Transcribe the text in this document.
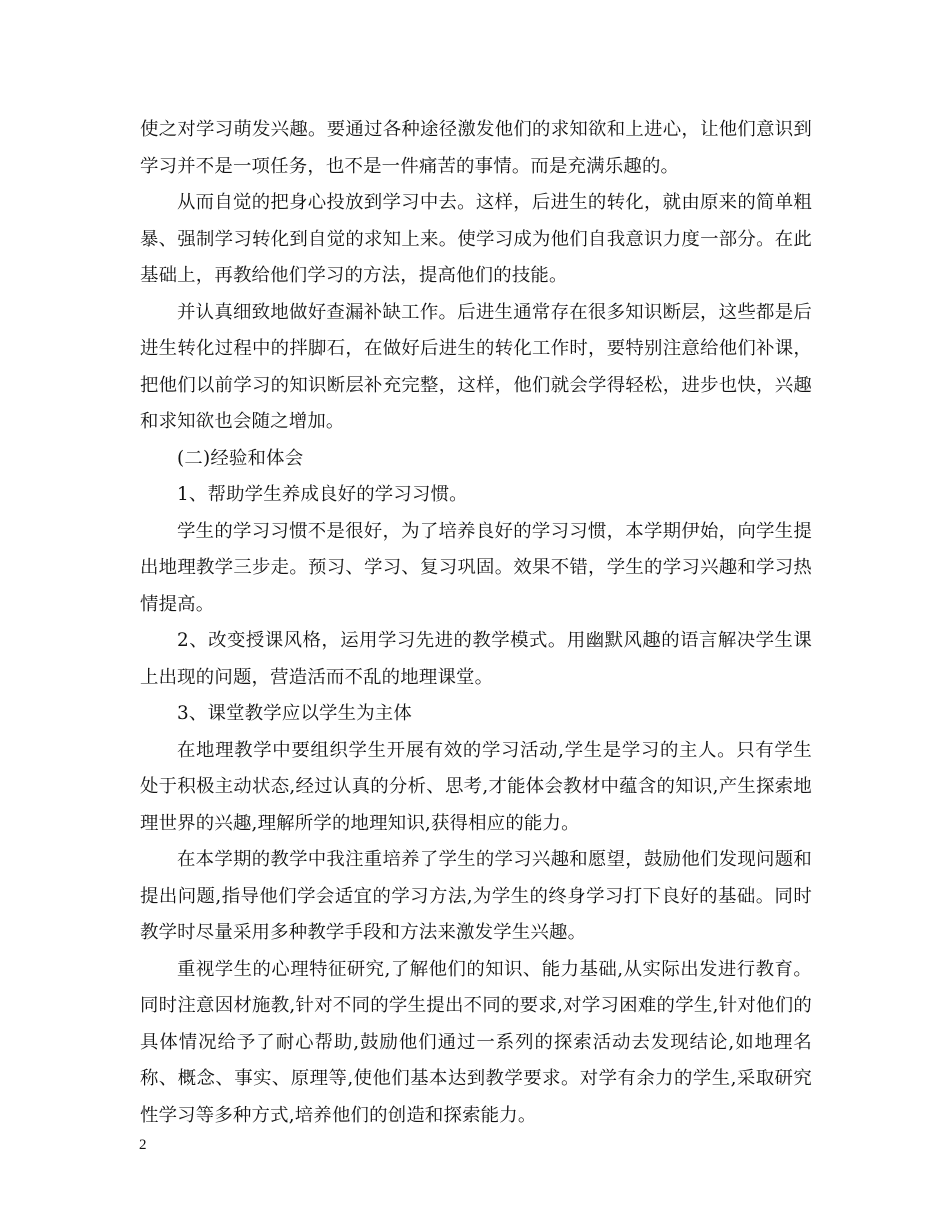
使之对学习萌发兴趣。要通过各种途径激发他们的求知欲和上进心，让他们意识到学习并不是一项任务，也不是一件痛苦的事情。而是充满乐趣的。

从而自觉的把身心投放到学习中去。这样，后进生的转化，就由原来的简单粗暴、强制学习转化到自觉的求知上来。使学习成为他们自我意识力度一部分。在此基础上，再教给他们学习的方法，提高他们的技能。

并认真细致地做好查漏补缺工作。后进生通常存在很多知识断层，这些都是后进生转化过程中的拌脚石，在做好后进生的转化工作时，要特别注意给他们补课，把他们以前学习的知识断层补充完整，这样，他们就会学得轻松，进步也快，兴趣和求知欲也会随之增加。

(二)经验和体会

1、帮助学生养成良好的学习习惯。

学生的学习习惯不是很好，为了培养良好的学习习惯，本学期伊始，向学生提出地理教学三步走。预习、学习、复习巩固。效果不错，学生的学习兴趣和学习热情提高。

2、改变授课风格，运用学习先进的教学模式。用幽默风趣的语言解决学生课上出现的问题，营造活而不乱的地理课堂。

3、课堂教学应以学生为主体

在地理教学中要组织学生开展有效的学习活动,学生是学习的主人。只有学生处于积极主动状态,经过认真的分析、思考,才能体会教材中蕴含的知识,产生探索地理世界的兴趣,理解所学的地理知识,获得相应的能力。

在本学期的教学中我注重培养了学生的学习兴趣和愿望，鼓励他们发现问题和提出问题,指导他们学会适宜的学习方法,为学生的终身学习打下良好的基础。同时教学时尽量采用多种教学手段和方法来激发学生兴趣。

重视学生的心理特征研究,了解他们的知识、能力基础,从实际出发进行教育。同时注意因材施教,针对不同的学生提出不同的要求,对学习困难的学生,针对他们的具体情况给予了耐心帮助,鼓励他们通过一系列的探索活动去发现结论,如地理名称、概念、事实、原理等,使他们基本达到教学要求。对学有余力的学生,采取研究性学习等多种方式,培养他们的创造和探索能力。

2
